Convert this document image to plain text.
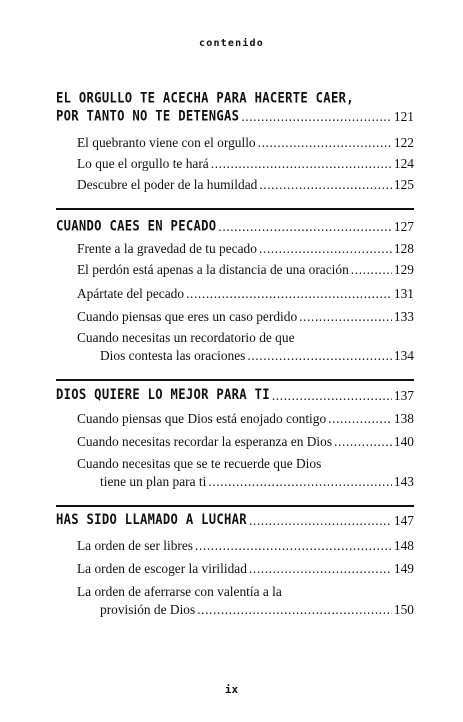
contenido
EL ORGULLO TE ACECHA PARA HACERTE CAER,
POR TANTO NO TE DETENGAS .....	121
El quebranto viene con el orgullo .....	122
Lo que el orgullo te hará .....	124
Descubre el poder de la humildad .....	125
CUANDO CAES EN PECADO .....	127
Frente a la gravedad de tu pecado .....	128
El perdón está apenas a la distancia de una oración .....	129
Apártate del pecado .....	131
Cuando piensas que eres un caso perdido .....	133
Cuando necesitas un recordatorio de que
Dios contesta las oraciones .....	134
DIOS QUIERE LO MEJOR PARA TI .....	137
Cuando piensas que Dios está enojado contigo .....	138
Cuando necesitas recordar la esperanza en Dios .....	140
Cuando necesitas que se te recuerde que Dios
tiene un plan para ti .....	143
HAS SIDO LLAMADO A LUCHAR .....	147
La orden de ser libres .....	148
La orden de escoger la virilidad .....	149
La orden de aferrarse con valentía a la
provisión de Dios .....	150
ix
